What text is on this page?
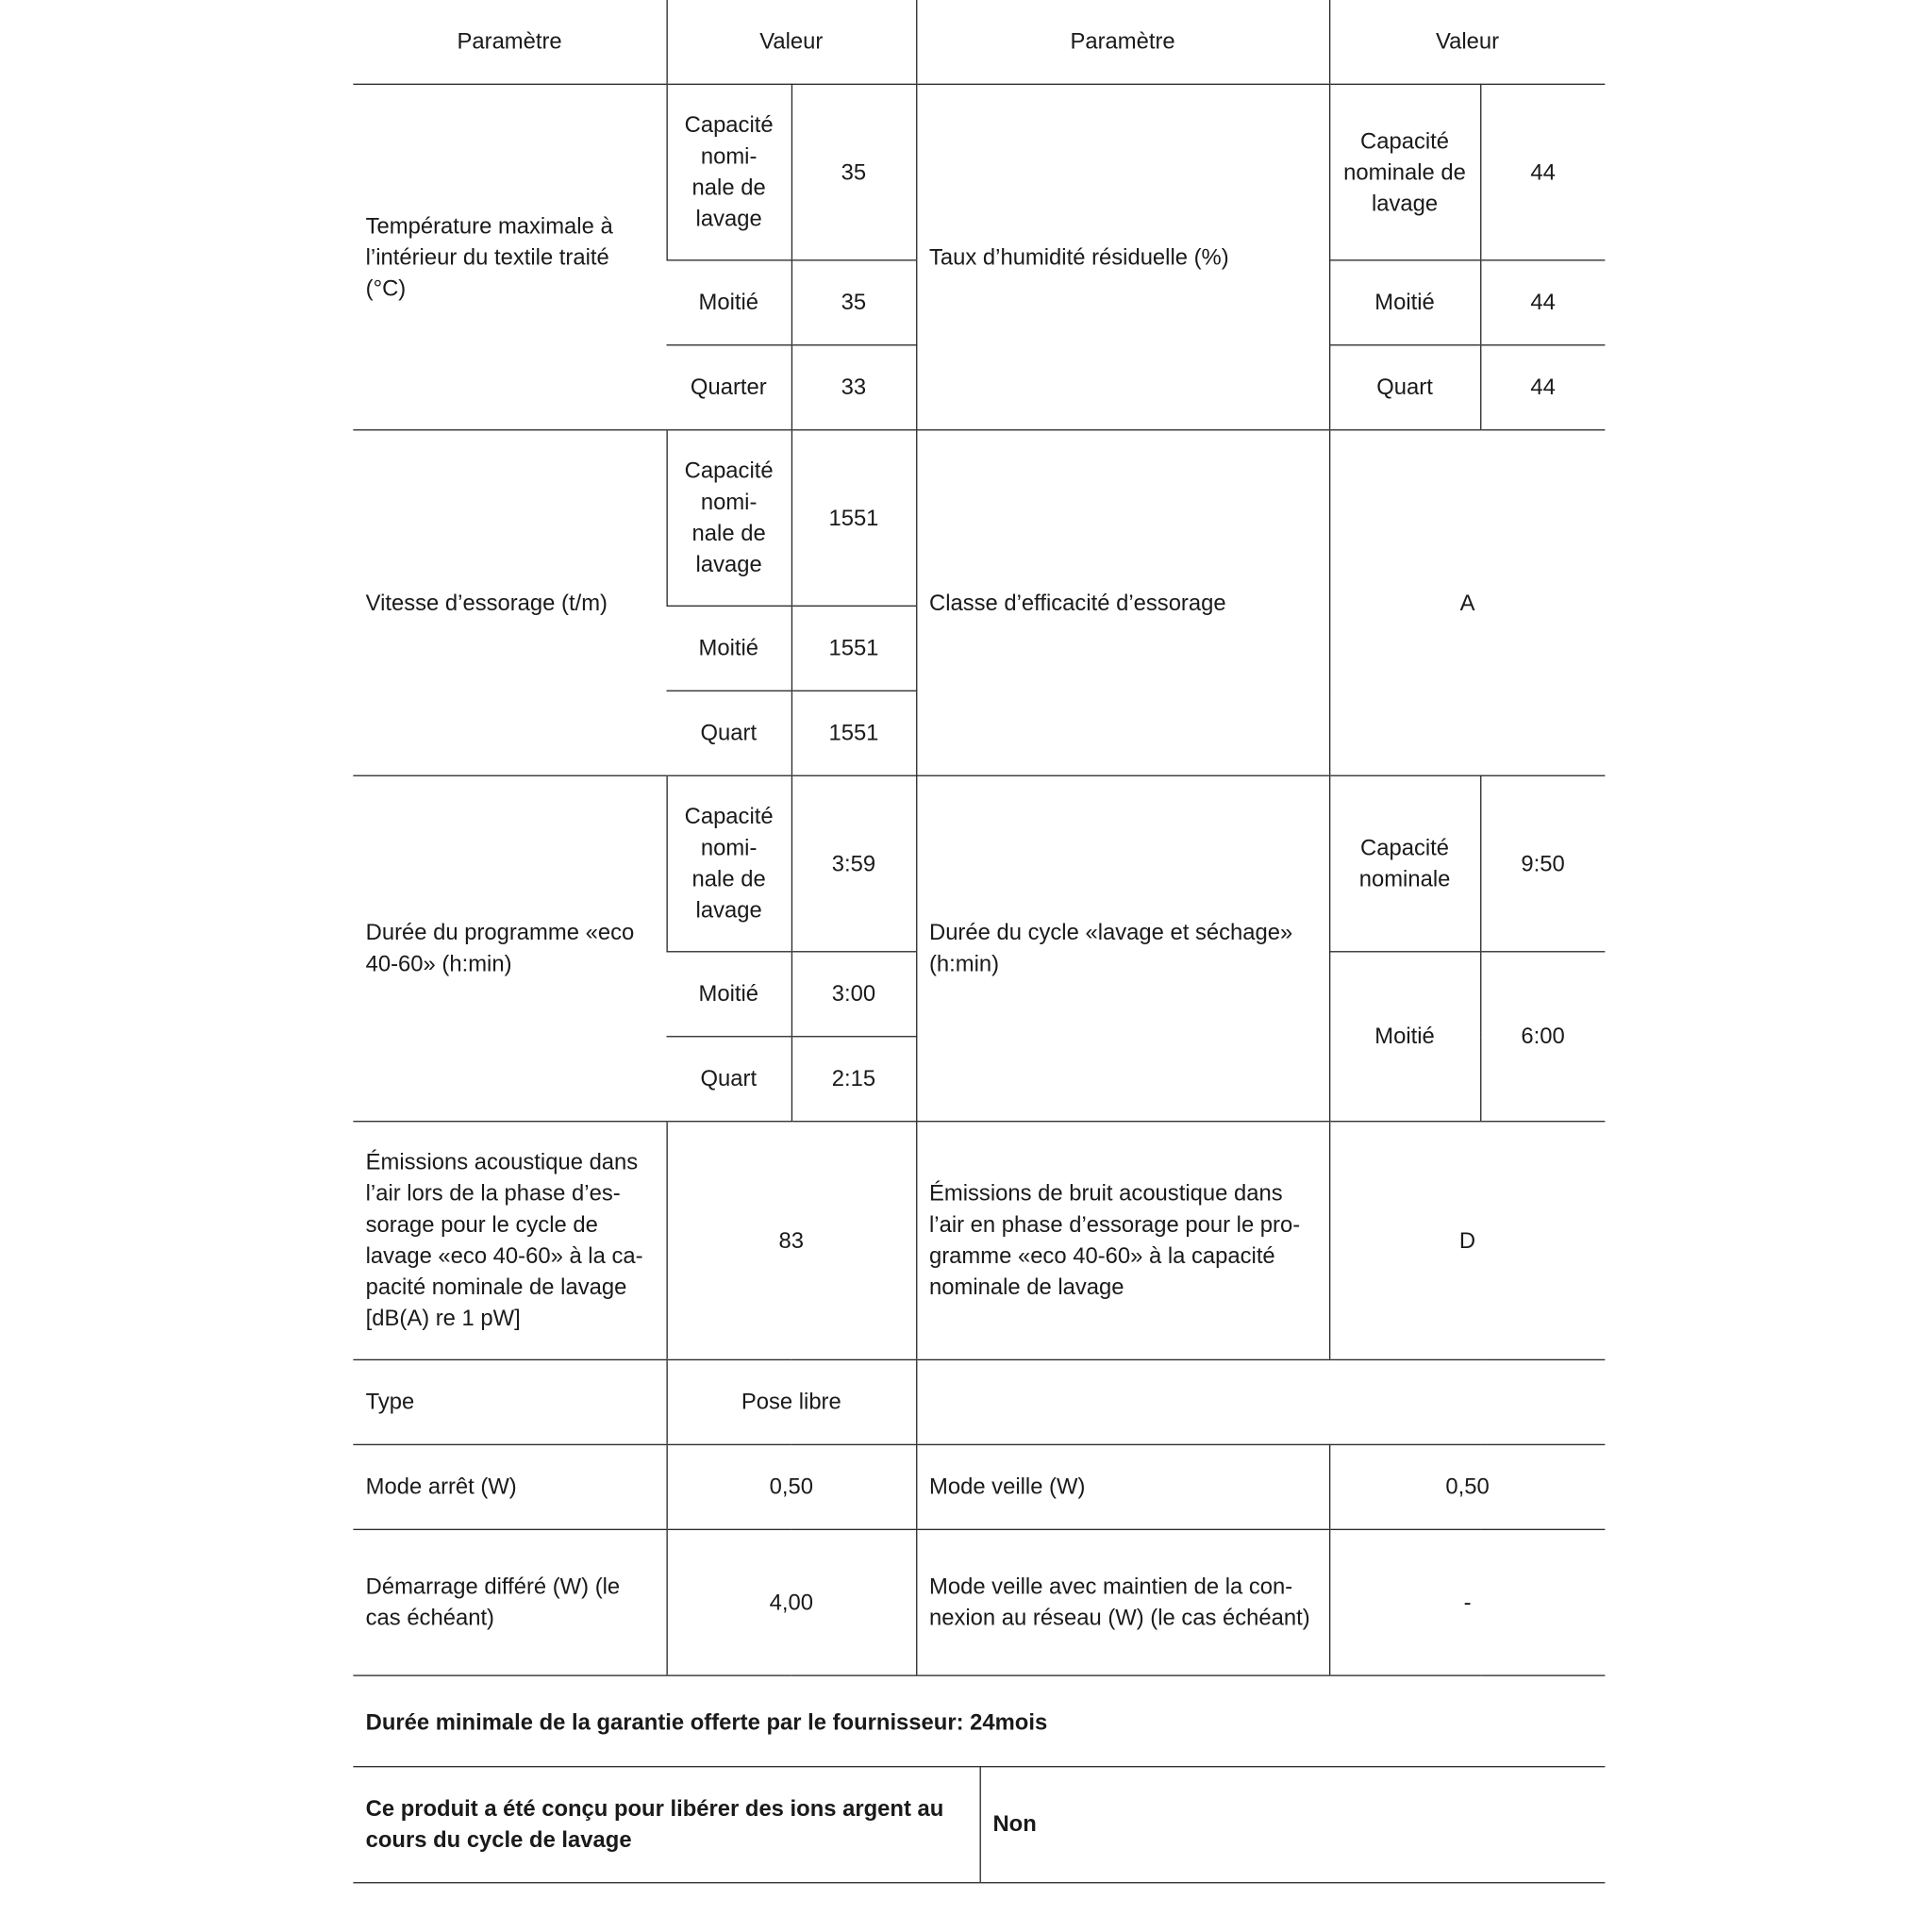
Paramètre	Valeur		Paramètre	Valeur	
Température maximale à l’intérieur du textile traité (°C)	Capacité nomi- nale de lavage	35	Taux d’humidité résiduelle (%)	Capacité nominale de lavage	44
	Moitié	35		Moitié	44
	Quarter	33		Quart	44
Vitesse d’essorage (t/m)	Capacité nomi- nale de lavage	1551	Classe d’efficacité d’essorage	A	
	Moitié	1551			
	Quart	1551			
Durée du programme «eco 40-60» (h:min)	Capacité nomi- nale de lavage	3:59	Durée du cycle «lavage et séchage» (h:min)	Capacité nominale	9:50
	Moitié	3:00		Moitié	6:00
	Quart	2:15			
Émissions acoustique dans l’air lors de la phase d’es- sorage pour le cycle de lavage «eco 40-60» à la ca- pacité nominale de lavage [dB(A) re 1 pW]	83		Émissions de bruit acoustique dans l’air en phase d’essorage pour le pro- gramme «eco 40-60» à la capacité nominale de lavage	D	
Type	Pose libre				
Mode arrêt (W)	0,50		Mode veille (W)	0,50	
Démarrage différé (W) (le cas échéant)	4,00		Mode veille avec maintien de la con- nexion au réseau (W) (le cas échéant)	-	
Durée minimale de la garantie offerte par le fournisseur: 24mois
Ce produit a été conçu pour libérer des ions argent au cours du cycle de lavage	Non
